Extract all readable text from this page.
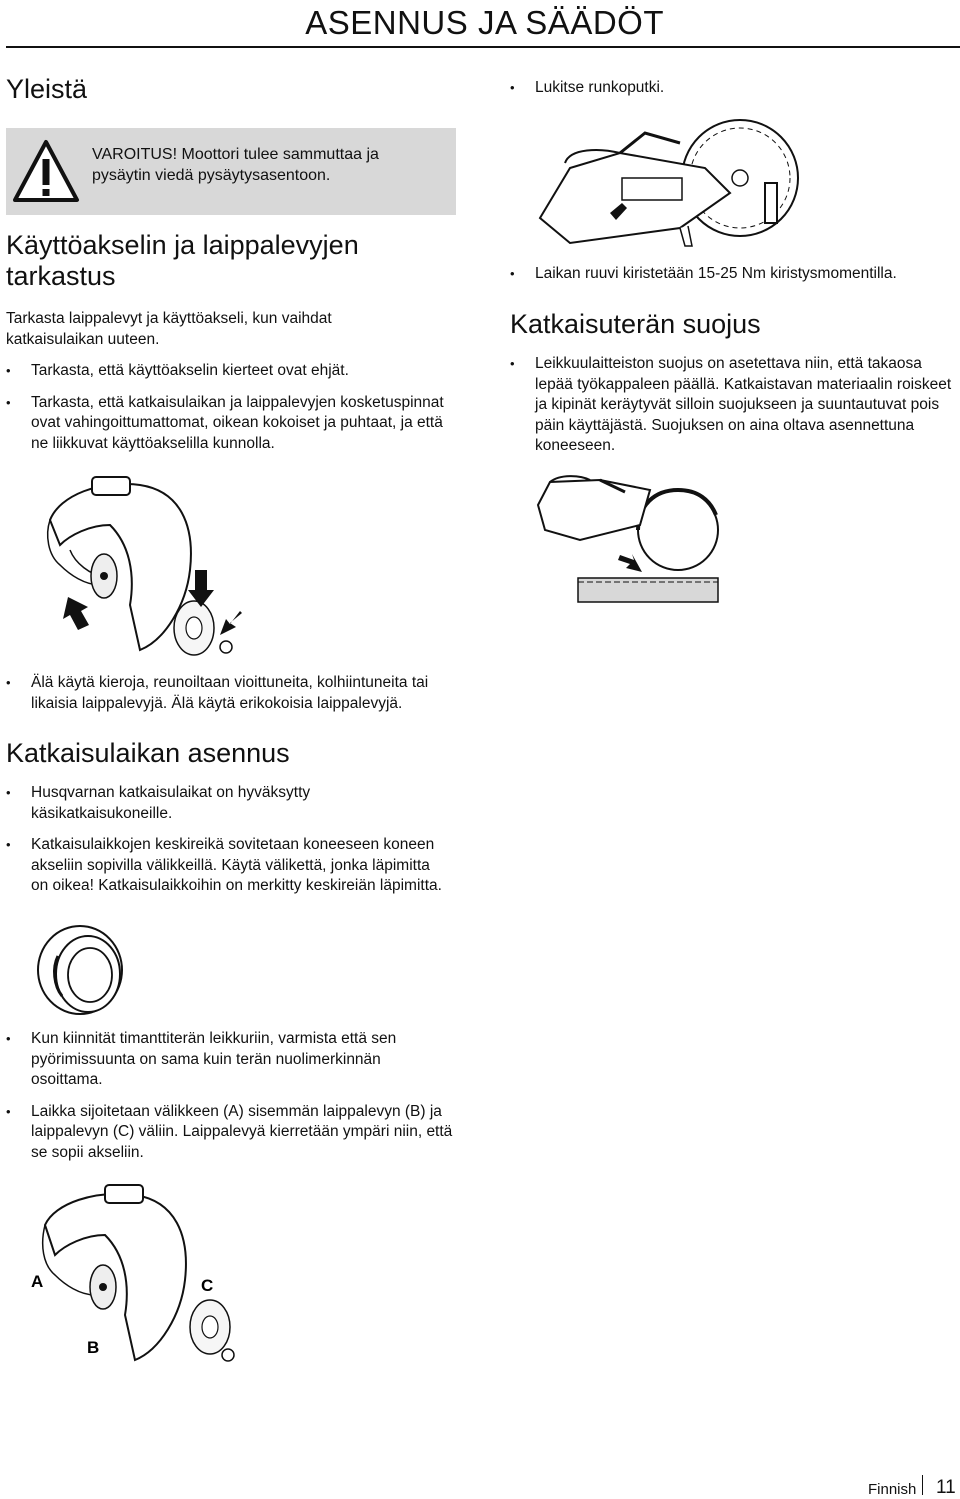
ASENNUS JA SÄÄDÖT
Yleistä
VAROITUS! Moottori tulee sammuttaa ja pysäytin viedä pysäytysasentoon.
Käyttöakselin ja laippalevyjen tarkastus

Tarkasta laippalevyt ja käyttöakseli, kun vaihdat katkaisulaikan uuteen.

• Tarkasta, että käyttöakselin kierteet ovat ehjät.
• Tarkasta, että katkaisulaikan ja laippalevyjen kosketuspinnat ovat vahingoittumattomat, oikean kokoiset ja puhtaat, ja että ne liikkuvat käyttöakselilla kunnolla.
• Älä käytä kieroja, reunoiltaan vioittuneita, kolhiintuneita tai likaisia laippalevyjä. Älä käytä erikokoisia laippalevyjä.
Katkaisulaikan asennus
• Husqvarnan katkaisulaikat on hyväksytty käsikatkaisukoneille.
• Katkaisulaikkojen keskireikä sovitetaan koneeseen koneen akseliin sopivilla välikkeillä. Käytä välikettä, jonka läpimitta on oikea! Katkaisulaikkoihin on merkitty keskireiän läpimitta.
• Kun kiinnität timanttiterän leikkuriin, varmista että sen pyörimissuunta on sama kuin terän nuolimerkinnän osoittama.
• Laikka sijoitetaan välikkeen (A) sisemmän laippalevyn (B) ja laippalevyn (C) väliin. Laippalevyä kierretään ympäri niin, että se sopii akseliin.
A	C
B
• Lukitse runkoputki.
• Laikan ruuvi kiristetään 15-25 Nm kiristysmomentilla.
Katkaisuterän suojus
• Leikkuulaitteiston suojus on asetettava niin, että takaosa lepää työkappaleen päällä. Katkaistavan materiaalin roiskeet ja kipinät keräytyvät silloin suojukseen ja suuntautuvat pois päin käyttäjästä. Suojuksen on aina oltava asennettuna koneeseen.
Finnish 11
